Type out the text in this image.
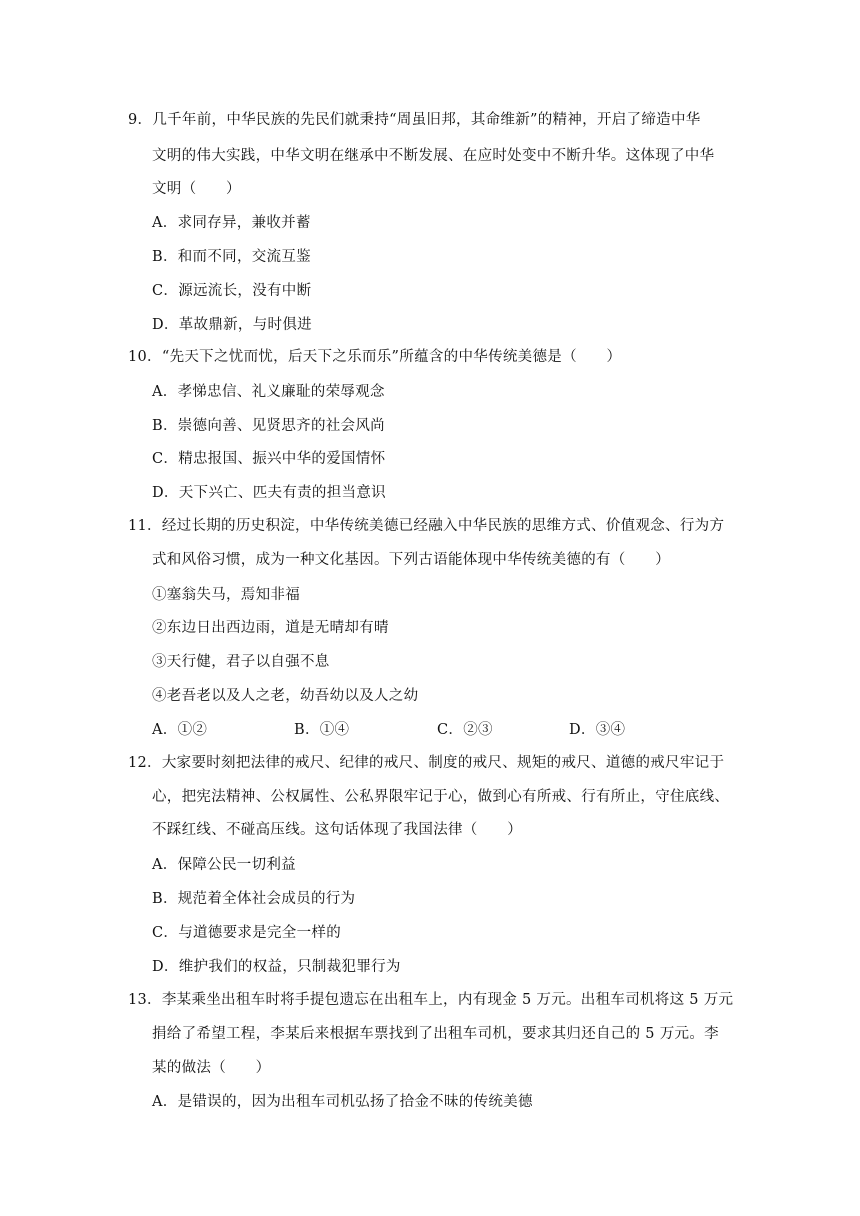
9．几千年前，中华民族的先民们就秉持“周虽旧邦，其命维新”的精神，开启了缔造中华
文明的伟大实践，中华文明在继承中不断发展、在应时处变中不断升华。这体现了中华
文明（　　）
A．求同存异，兼收并蓄
B．和而不同，交流互鉴
C．源远流长，没有中断
D．革故鼎新，与时俱进
10．“先天下之忧而忧，后天下之乐而乐”所蕴含的中华传统美德是（　　）
A．孝悌忠信、礼义廉耻的荣辱观念
B．崇德向善、见贤思齐的社会风尚
C．精忠报国、振兴中华的爱国情怀
D．天下兴亡、匹夫有责的担当意识
11．经过长期的历史积淀，中华传统美德已经融入中华民族的思维方式、价值观念、行为方
式和风俗习惯，成为一种文化基因。下列古语能体现中华传统美德的有（　　）
①塞翁失马，焉知非福
②东边日出西边雨，道是无晴却有晴
③天行健，君子以自强不息
④老吾老以及人之老，幼吾幼以及人之幼
A．①②	B．①④	C．②③	D．③④
12．大家要时刻把法律的戒尺、纪律的戒尺、制度的戒尺、规矩的戒尺、道德的戒尺牢记于
心，把宪法精神、公权属性、公私界限牢记于心，做到心有所戒、行有所止，守住底线、
不踩红线、不碰高压线。这句话体现了我国法律（　　）
A．保障公民一切利益
B．规范着全体社会成员的行为
C．与道德要求是完全一样的
D．维护我们的权益，只制裁犯罪行为
13．李某乘坐出租车时将手提包遗忘在出租车上，内有现金 5 万元。出租车司机将这 5 万元
捐给了希望工程，李某后来根据车票找到了出租车司机，要求其归还自己的 5 万元。李
某的做法（　　）
A．是错误的，因为出租车司机弘扬了拾金不昧的传统美德
